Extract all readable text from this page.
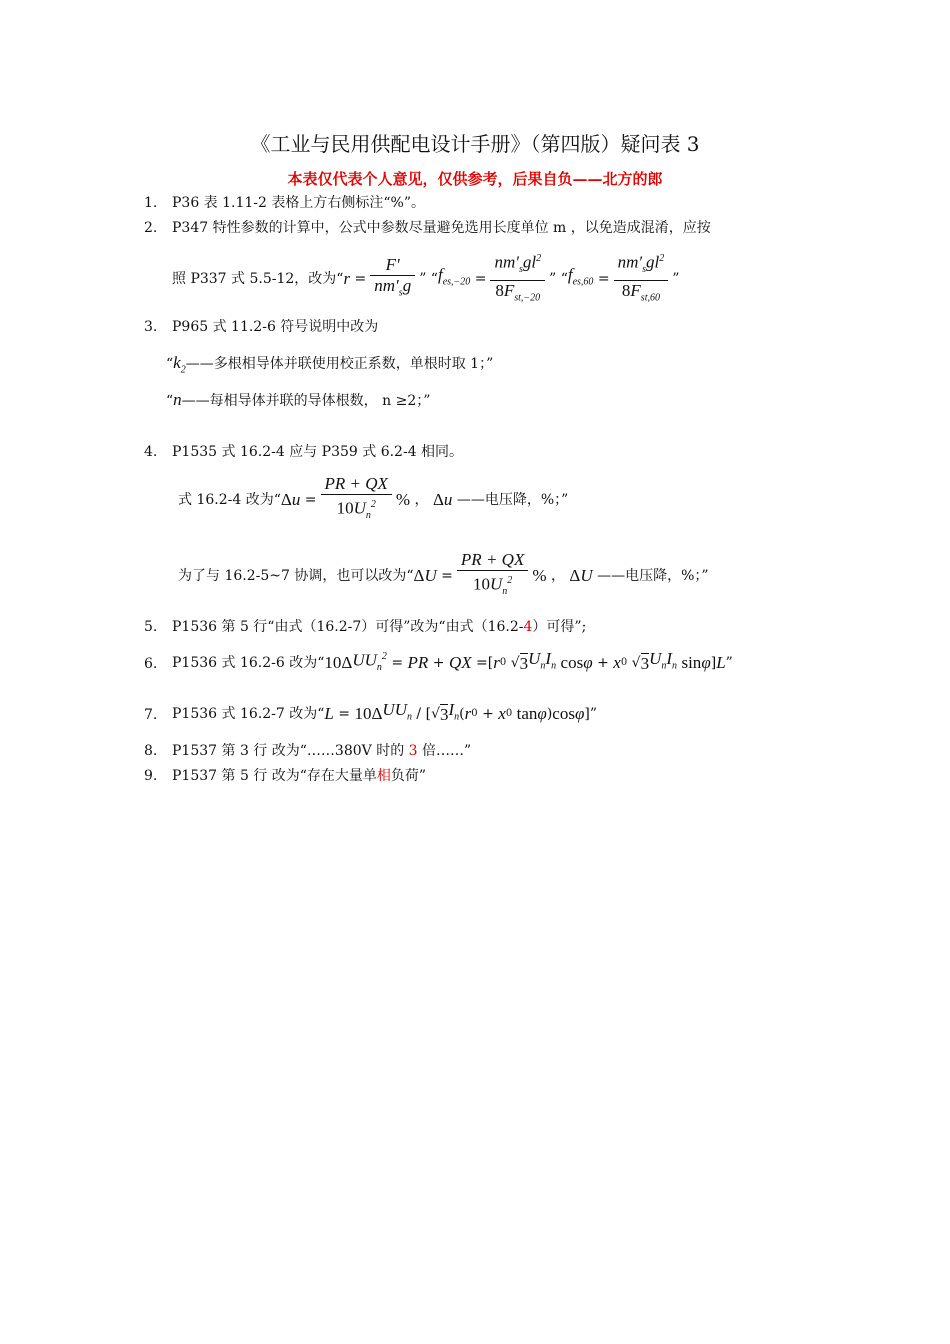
《工业与民用供配电设计手册》（第四版）疑问表 3
本表仅代表个人意见，仅供参考，后果自负——北方的郎
1. P36 表 1.11-2 表格上方右侧标注“%”。
2. P347 特性参数的计算中，公式中参数尽量避免选用长度单位 m ，以免造成混淆，应按
照 P337 式 5.5-12，改为“ $r = \frac{F'}{nm'_sg}$ ” “ $f_{es,-20} = \frac{nm'_sgl^2}{8F_{st,-20}}$ ” “ $f_{es,60} = \frac{nm'_sgl^2}{8F_{st,60}}$ ”
3. P965 式 11.2-6 符号说明中改为
“$k_2——$多根相导体并联使用校正系数，单根时取 1；”
“n——每相导体并联的导体根数， n ≥2；”
4. P1535 式 16.2-4 应与 P359 式 6.2-4 相同。
式 16.2-4 改为“ Δ $u = \frac{PR + QX}{10U_n^2}$ % ， Δ u
——电压降，%；”
为了与 16.2-5~7 协调，也可以改为“ Δ $U = \frac{PR + QX}{10U_n^2}$ % ， Δ U
——电压降，%；”
5. P1536 第 5 行“由式（16.2-7）可得”改为“由式（16.2-4）可得”;
6. P1536 式 16.2-6 改为“ 10Δ $UU_n^2$ = PR + QX =[ r 0 √ 3 $U_nI_n$
cos φ + x 0 √ 3 $U_nI_n$
sin φ ] L ”
7. P1536 式 16.2-7 改为“ L = 10Δ $UU_n$ / [√ 3 $I_n$ ( r 0 + x 0
tan φ ) cos φ ]”
8. P1537 第 3 行 改为“……380V 时的 3 倍……”
9. P1537 第 5 行 改为“存在大量单相负荷”
